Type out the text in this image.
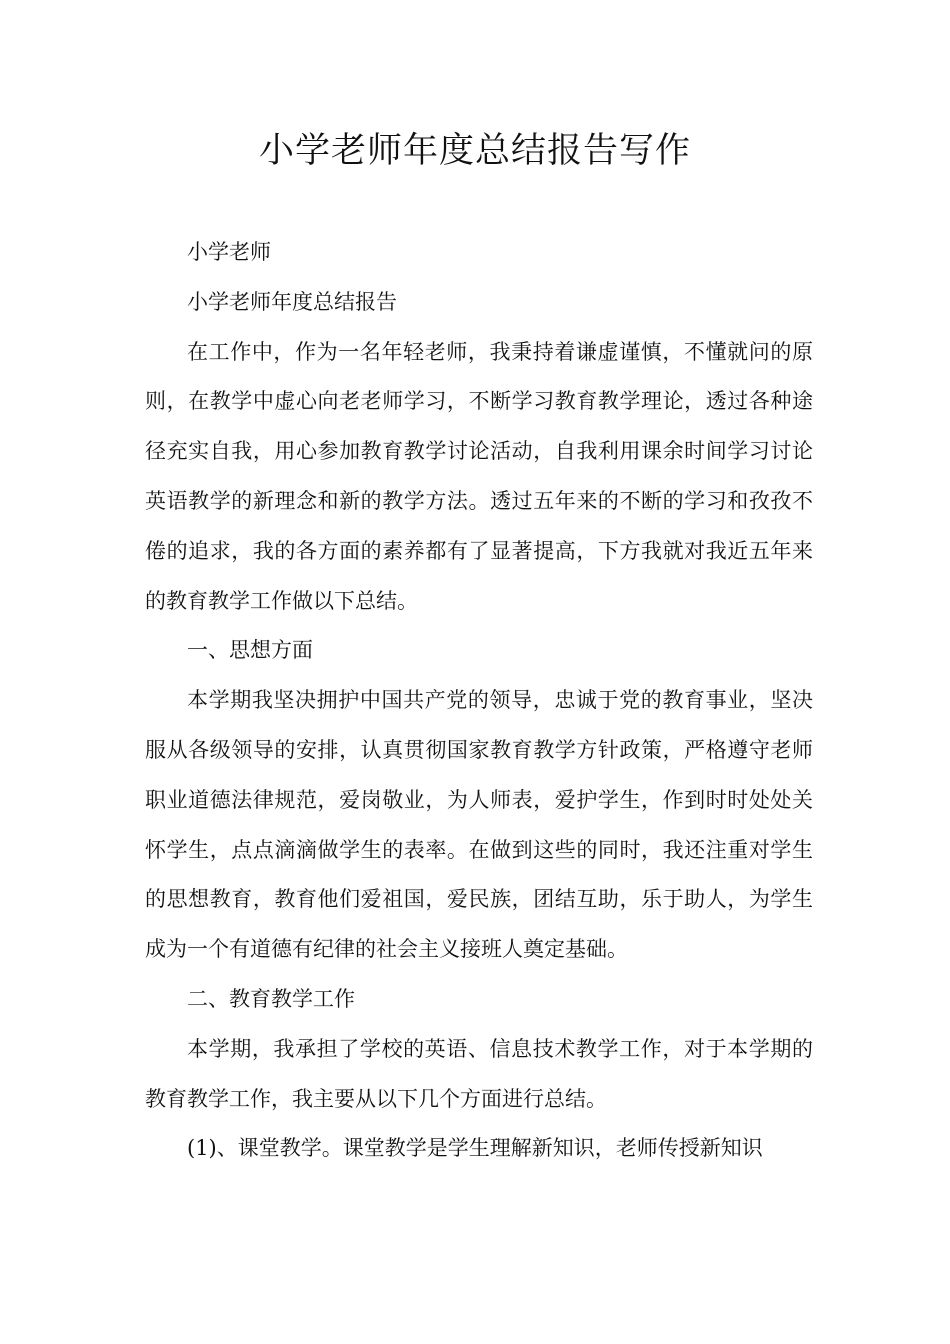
小学老师年度总结报告写作

小学老师

小学老师年度总结报告

在工作中，作为一名年轻老师，我秉持着谦虚谨慎，不懂就问的原则，在教学中虚心向老老师学习，不断学习教育教学理论，透过各种途径充实自我，用心参加教育教学讨论活动，自我利用课余时间学习讨论英语教学的新理念和新的教学方法。透过五年来的不断的学习和孜孜不倦的追求，我的各方面的素养都有了显著提高，下方我就对我近五年来的教育教学工作做以下总结。

一、思想方面

本学期我坚决拥护中国共产党的领导，忠诚于党的教育事业，坚决服从各级领导的安排，认真贯彻国家教育教学方针政策，严格遵守老师职业道德法律规范，爱岗敬业，为人师表，爱护学生，作到时时处处关怀学生，点点滴滴做学生的表率。在做到这些的同时，我还注重对学生的思想教育，教育他们爱祖国，爱民族，团结互助，乐于助人，为学生成为一个有道德有纪律的社会主义接班人奠定基础。

二、教育教学工作

本学期，我承担了学校的英语、信息技术教学工作，对于本学期的教育教学工作，我主要从以下几个方面进行总结。

(1)、课堂教学。课堂教学是学生理解新知识，老师传授新知识
